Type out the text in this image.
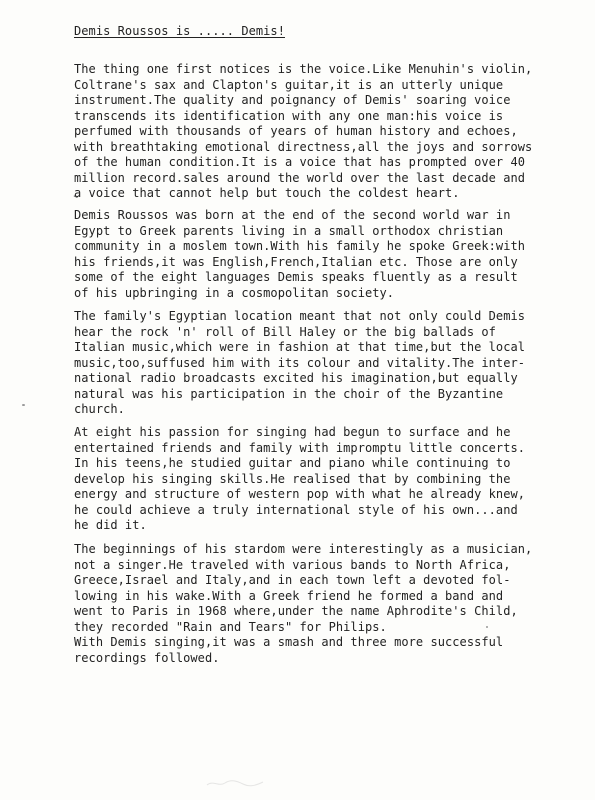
Demis Roussos is ..... Demis!
The thing one first notices is the voice.Like Menuhin's violin,
Coltrane's sax and Clapton's guitar,it is an utterly unique
instrument.The quality and poignancy of Demis' soaring voice
transcends its identification with any one man:his voice is
perfumed with thousands of years of human history and echoes,
with breathtaking emotional directness,all the joys and sorrows
of the human condition.It is a voice that has prompted over 40
million record.sales around the world over the last decade and
a voice that cannot help but touch the coldest heart.
Demis Roussos was born at the end of the second world war in
Egypt to Greek parents living in a small orthodox christian
community in a moslem town.With his family he spoke Greek:with
his friends,it was English,French,Italian etc. Those are only
some of the eight languages Demis speaks fluently as a result
of his upbringing in a cosmopolitan society.
The family's Egyptian location meant that not only could Demis
hear the rock 'n' roll of Bill Haley or the big ballads of
Italian music,which were in fashion at that time,but the local
music,too,suffused him with its colour and vitality.The inter-
national radio broadcasts excited his imagination,but equally
natural was his participation in the choir of the Byzantine
church.
At eight his passion for singing had begun to surface and he
entertained friends and family with impromptu little concerts.
In his teens,he studied guitar and piano while continuing to
develop his singing skills.He realised that by combining the
energy and structure of western pop with what he already knew,
he could achieve a truly international style of his own...and
he did it.
The beginnings of his stardom were interestingly as a musician,
not a singer.He traveled with various bands to North Africa,
Greece,Israel and Italy,and in each town left a devoted fol-
lowing in his wake.With a Greek friend he formed a band and
went to Paris in 1968 where,under the name Aphrodite's Child,
they recorded "Rain and Tears" for Philips.
With Demis singing,it was a smash and three more successful
recordings followed.
